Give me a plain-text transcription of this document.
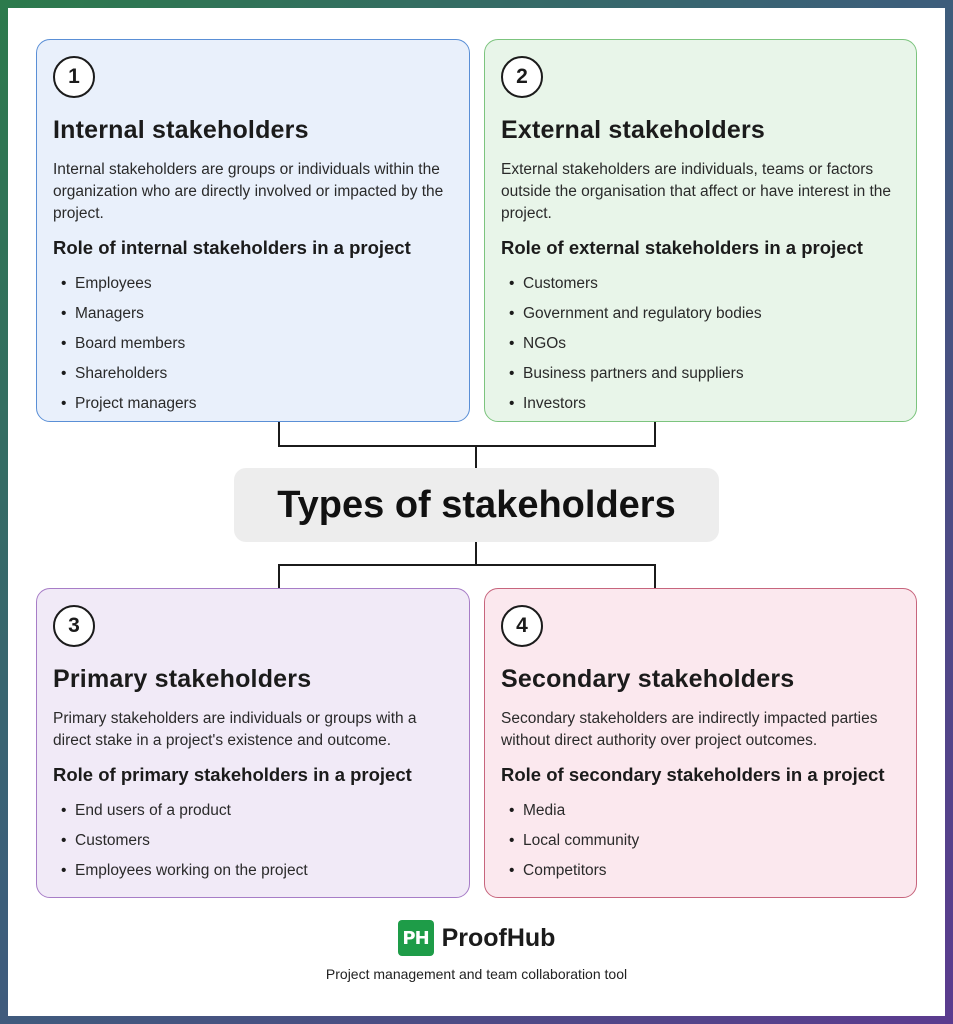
1
Internal stakeholders
Internal stakeholders are groups or individuals within the organization who are directly involved or impacted by the project.
Role of internal stakeholders in a project
• Employees
• Managers
• Board members
• Shareholders
• Project managers
2
External stakeholders
External stakeholders are individuals, teams or factors outside the organisation that affect or have interest in the project.
Role of external stakeholders in a project
• Customers
• Government and regulatory bodies
• NGOs
• Business partners and suppliers
• Investors
Types of stakeholders
3
Primary stakeholders
Primary stakeholders are individuals or groups with a direct stake in a project's existence and outcome.
Role of primary stakeholders in a project
• End users of a product
• Customers
• Employees working on the project
4
Secondary stakeholders
Secondary stakeholders are indirectly impacted parties without direct authority over project outcomes.
Role of secondary stakeholders in a project
• Media
• Local community
• Competitors
PH ProofHub
Project management and team collaboration tool
